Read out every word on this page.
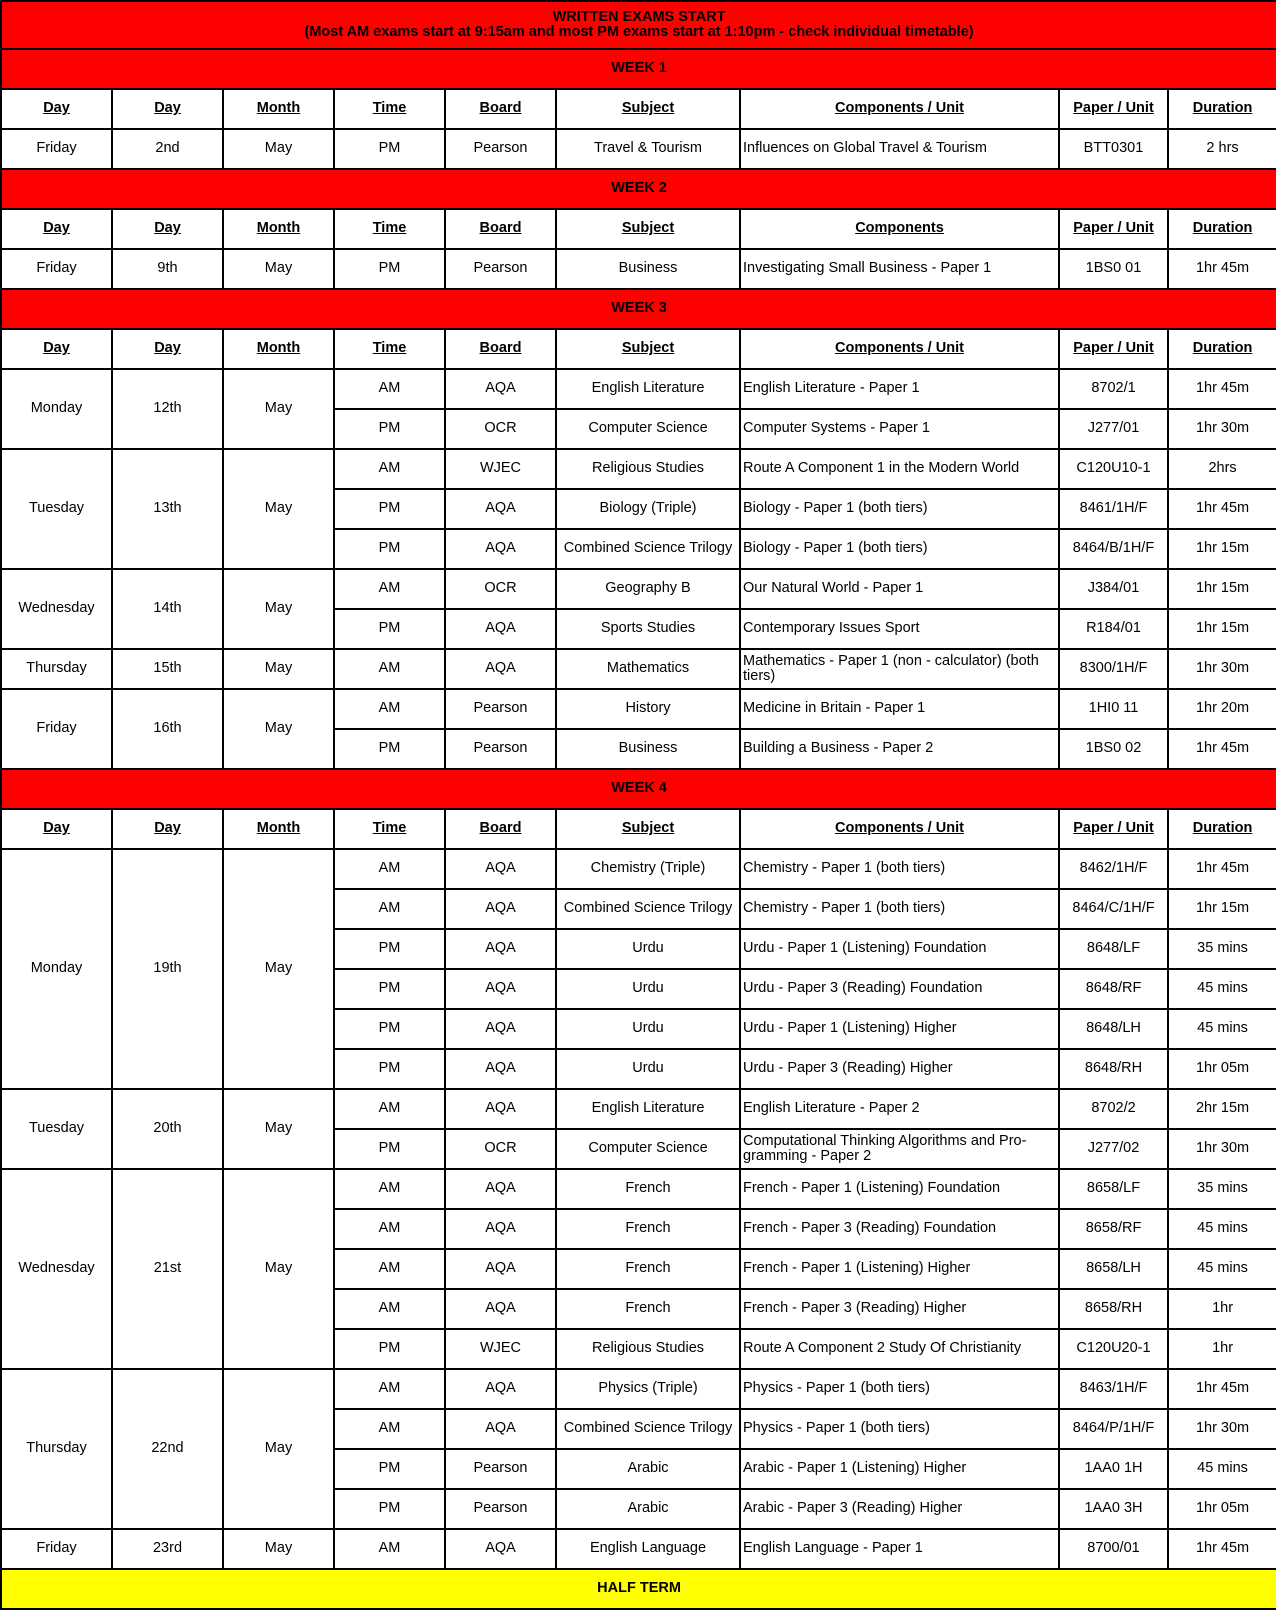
WRITTEN EXAMS START
(Most AM exams start at 9:15am and most PM exams start at 1:10pm - check individual timetable)								

WEEK 1								
Day	Day	Month	Time	Board	Subject	Components / Unit	Paper / Unit	Duration
Friday	2nd	May	PM	Pearson	Travel & Tourism	Influences on Global Travel & Tourism	BTT0301	2 hrs
WEEK 2								
Day	Day	Month	Time	Board	Subject	Components	Paper / Unit	Duration
Friday	9th	May	PM	Pearson	Business	Investigating Small Business - Paper 1	1BS0 01	1hr 45m
WEEK 3								
Day	Day	Month	Time	Board	Subject	Components / Unit	Paper / Unit	Duration
Monday	12th	May	AM	AQA	English Literature	English Literature - Paper 1	8702/1	1hr 45m
			PM	OCR	Computer Science	Computer Systems - Paper 1	J277/01	1hr 30m
Tuesday	13th	May	AM	WJEC	Religious Studies	Route A Component 1 in the Modern World	C120U10-1	2hrs
			PM	AQA	Biology (Triple)	Biology - Paper 1 (both tiers)	8461/1H/F	1hr 45m
			PM	AQA	Combined Science Trilogy	Biology - Paper 1 (both tiers)	8464/B/1H/F	1hr 15m
Wednesday	14th	May	AM	OCR	Geography B	Our Natural World - Paper 1	J384/01	1hr 15m
			PM	AQA	Sports Studies	Contemporary Issues Sport	R184/01	1hr 15m
Thursday	15th	May	AM	AQA	Mathematics	Mathematics - Paper 1 (non - calculator) (both tiers)	8300/1H/F	1hr 30m
Friday	16th	May	AM	Pearson	History	Medicine in Britain - Paper 1	1HI0 11	1hr 20m
			PM	Pearson	Business	Building a Business - Paper 2	1BS0 02	1hr 45m
WEEK 4								
Day	Day	Month	Time	Board	Subject	Components / Unit	Paper / Unit	Duration
Monday	19th	May	AM	AQA	Chemistry (Triple)	Chemistry - Paper 1 (both tiers)	8462/1H/F	1hr 45m
			AM	AQA	Combined Science Trilogy	Chemistry - Paper 1 (both tiers)	8464/C/1H/F	1hr 15m
			PM	AQA	Urdu	Urdu - Paper 1 (Listening) Foundation	8648/LF	35 mins
			PM	AQA	Urdu	Urdu - Paper 3 (Reading) Foundation	8648/RF	45 mins
			PM	AQA	Urdu	Urdu - Paper 1 (Listening) Higher	8648/LH	45 mins
			PM	AQA	Urdu	Urdu - Paper 3 (Reading) Higher	8648/RH	1hr 05m
Tuesday	20th	May	AM	AQA	English Literature	English Literature - Paper 2	8702/2	2hr 15m
			PM	OCR	Computer Science	Computational Thinking Algorithms and Pro-gramming - Paper 2	J277/02	1hr 30m
Wednesday	21st	May	AM	AQA	French	French - Paper 1 (Listening) Foundation	8658/LF	35 mins
			AM	AQA	French	French - Paper 3 (Reading) Foundation	8658/RF	45 mins
			AM	AQA	French	French - Paper 1 (Listening) Higher	8658/LH	45 mins
			AM	AQA	French	French - Paper 3 (Reading) Higher	8658/RH	1hr
			PM	WJEC	Religious Studies	Route A Component 2 Study Of Christianity	C120U20-1	1hr
Thursday	22nd	May	AM	AQA	Physics (Triple)	Physics - Paper 1 (both tiers)	8463/1H/F	1hr 45m
			AM	AQA	Combined Science Trilogy	Physics - Paper 1 (both tiers)	8464/P/1H/F	1hr 30m
			PM	Pearson	Arabic	Arabic - Paper 1 (Listening) Higher	1AA0 1H	45 mins
			PM	Pearson	Arabic	Arabic - Paper 3 (Reading) Higher	1AA0 3H	1hr 05m
Friday	23rd	May	AM	AQA	English Language	English Language - Paper 1	8700/01	1hr 45m
HALF TERM								
